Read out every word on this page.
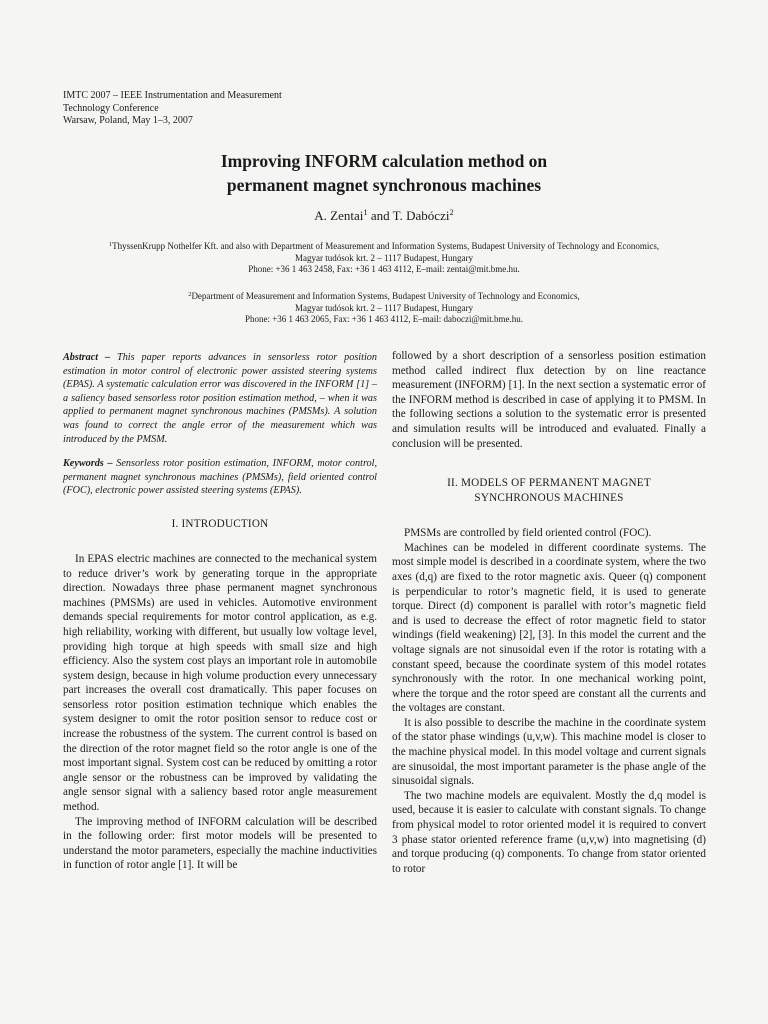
IMTC 2007 – IEEE Instrumentation and Measurement
Technology Conference
Warsaw, Poland, May 1–3, 2007
Improving INFORM calculation method on
permanent magnet synchronous machines
A. Zentai$^1$ and T. Dabóczi$^2$
$^1$ThyssenKrupp Nothelfer Kft. and also with Department of Measurement and Information Systems, Budapest University of Technology and Economics,
Magyar tudósok krt. 2 – 1117 Budapest, Hungary
Phone: +36 1 463 2458, Fax: +36 1 463 4112, E–mail: zentai@mit.bme.hu.
$^2$Department of Measurement and Information Systems, Budapest University of Technology and Economics,
Magyar tudósok krt. 2 – 1117 Budapest, Hungary
Phone: +36 1 463 2065, Fax: +36 1 463 4112, E–mail: daboczi@mit.bme.hu.

Abstract – This paper reports advances in sensorless rotor position estimation in motor control of electronic power assisted steering systems (EPAS). A systematic calculation error was discovered in the INFORM [1] – a saliency based sensorless rotor position estimation method, – when it was applied to permanent magnet synchronous machines (PMSMs). A solution was found to correct the angle error of the measurement which was introduced by the PMSM.

Keywords – Sensorless rotor position estimation, INFORM, motor control, permanent magnet synchronous machines (PMSMs), field oriented control (FOC), electronic power assisted steering systems (EPAS).

I. INTRODUCTION

In EPAS electric machines are connected to the mechanical system to reduce driver’s work by generating torque in the appropriate direction. Nowadays three phase permanent magnet synchronous machines (PMSMs) are used in vehicles. Automotive environment demands special requirements for motor control application, as e.g. high reliability, working with different, but usually low voltage level, providing high torque at high speeds with small size and high efficiency. Also the system cost plays an important role in automobile system design, because in high volume production every unnecessary part increases the overall cost dramatically. This paper focuses on sensorless rotor position estimation technique which enables the system designer to omit the rotor position sensor to reduce cost or increase the robustness of the system. The current control is based on the direction of the rotor magnet field so the rotor angle is one of the most important signal. System cost can be reduced by omitting a rotor angle sensor or the robustness can be improved by validating the angle sensor signal with a saliency based rotor angle measurement method.

The improving method of INFORM calculation will be described in the following order: first motor models will be presented to understand the motor parameters, especially the machine inductivities in function of rotor angle [1]. It will be

followed by a short description of a sensorless position estimation method called indirect flux detection by on line reactance measurement (INFORM) [1]. In the next section a systematic error of the INFORM method is described in case of applying it to PMSM. In the following sections a solution to the systematic error is presented and simulation results will be introduced and evaluated. Finally a conclusion will be presented.

II. MODELS OF PERMANENT MAGNET
SYNCHRONOUS MACHINES

PMSMs are controlled by field oriented control (FOC).

Machines can be modeled in different coordinate systems. The most simple model is described in a coordinate system, where the two axes (d,q) are fixed to the rotor magnetic axis. Queer (q) component is perpendicular to rotor’s magnetic field, it is used to generate torque. Direct (d) component is parallel with rotor’s magnetic field and is used to decrease the effect of rotor magnetic field to stator windings (field weakening) [2], [3]. In this model the current and the voltage signals are not sinusoidal even if the rotor is rotating with a constant speed, because the coordinate system of this model rotates synchronously with the rotor. In one mechanical working point, where the torque and the rotor speed are constant all the currents and the voltages are constant.

It is also possible to describe the machine in the coordinate system of the stator phase windings (u,v,w). This machine model is closer to the machine physical model. In this model voltage and current signals are sinusoidal, the most important parameter is the phase angle of the sinusoidal signals.

The two machine models are equivalent. Mostly the d,q model is used, because it is easier to calculate with constant signals. To change from physical model to rotor oriented model it is required to convert 3 phase stator oriented reference frame (u,v,w) into magnetising (d) and torque producing (q) components. To change from stator oriented to rotor
